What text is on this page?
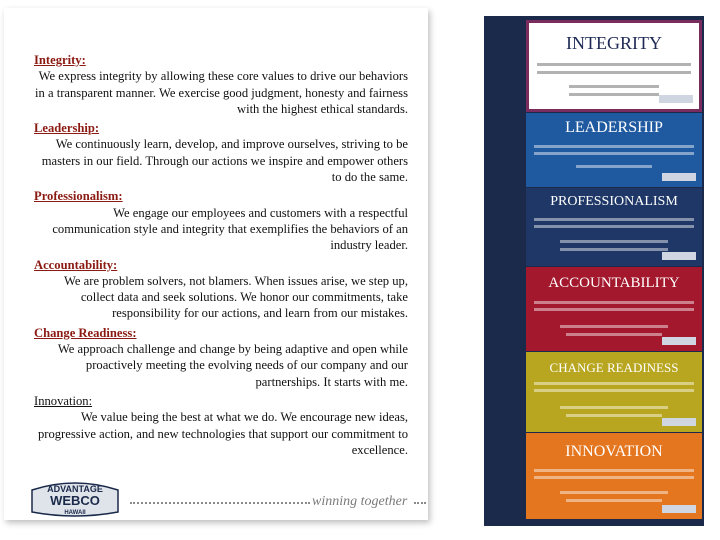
Integrity:
We express integrity by allowing these core values to drive our behaviors in a transparent manner. We exercise good judgment, honesty and fairness with the highest ethical standards.
Leadership:
We continuously learn, develop, and improve ourselves, striving to be masters in our field. Through our actions we inspire and empower others to do the same.
Professionalism:
We engage our employees and customers with a respectful communication style and integrity that exemplifies the behaviors of an industry leader.
Accountability:
We are problem solvers, not blamers. When issues arise, we step up, collect data and seek solutions. We honor our commitments, take responsibility for our actions, and learn from our mistakes.
Change Readiness:
We approach challenge and change by being adaptive and open while proactively meeting the evolving needs of our company and our partnerships. It starts with me.
Innovation:
We value being the best at what we do. We encourage new ideas, progressive action, and new technologies that support our commitment to excellence.
ADVANTAGE
WEBCO
HAWAII
winning together
INTEGRITY
LEADERSHIP
PROFESSIONALISM
ACCOUNTABILITY
CHANGE READINESS
INNOVATION
